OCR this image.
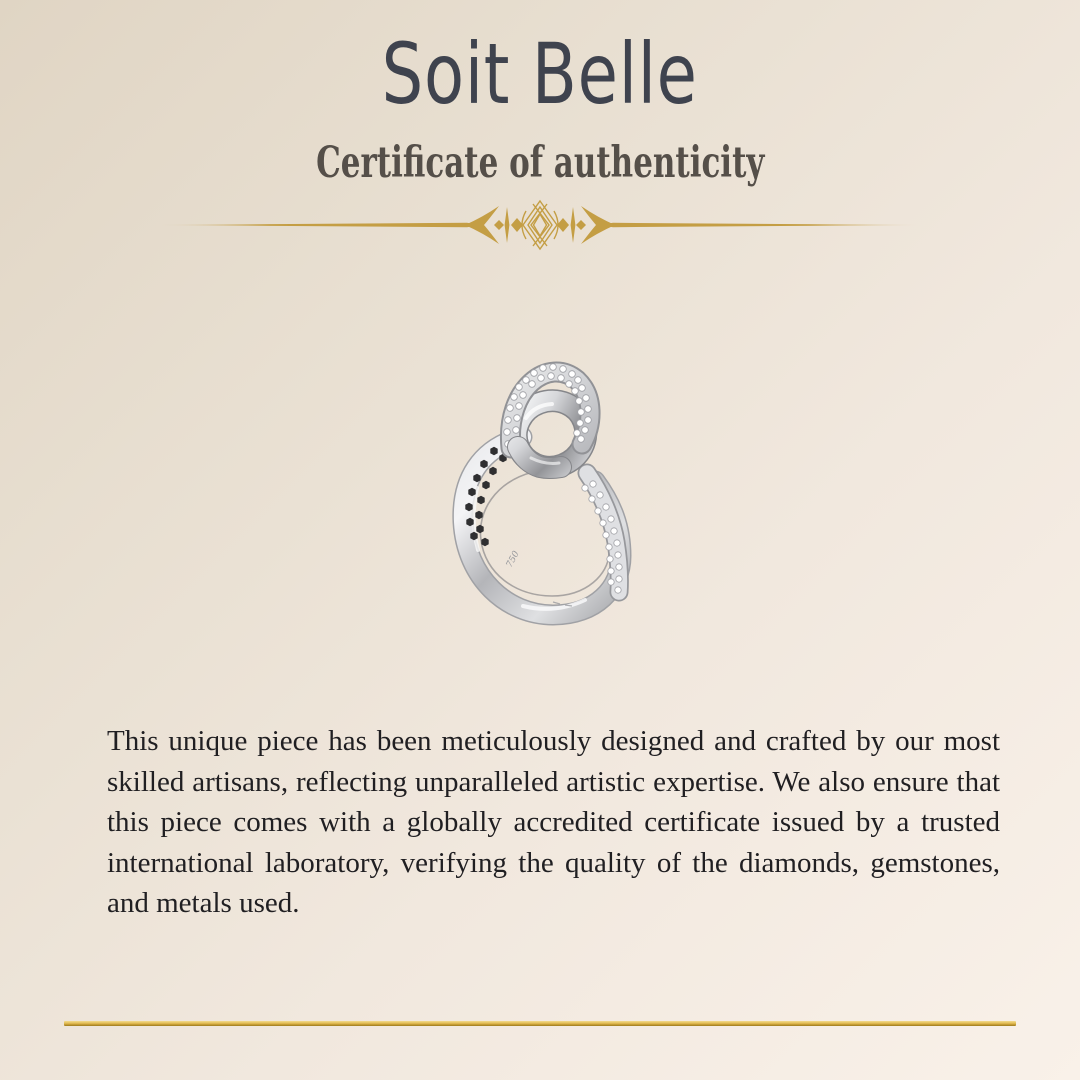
Soit Belle
Certificate of authenticity
750

This unique piece has been meticulously designed and crafted by our most skilled artisans, reflecting unparalleled artistic expertise. We also ensure that this piece comes with a globally accredited certificate issued by a trusted international laboratory, verifying the quality of the diamonds, gemstones, and metals used.
